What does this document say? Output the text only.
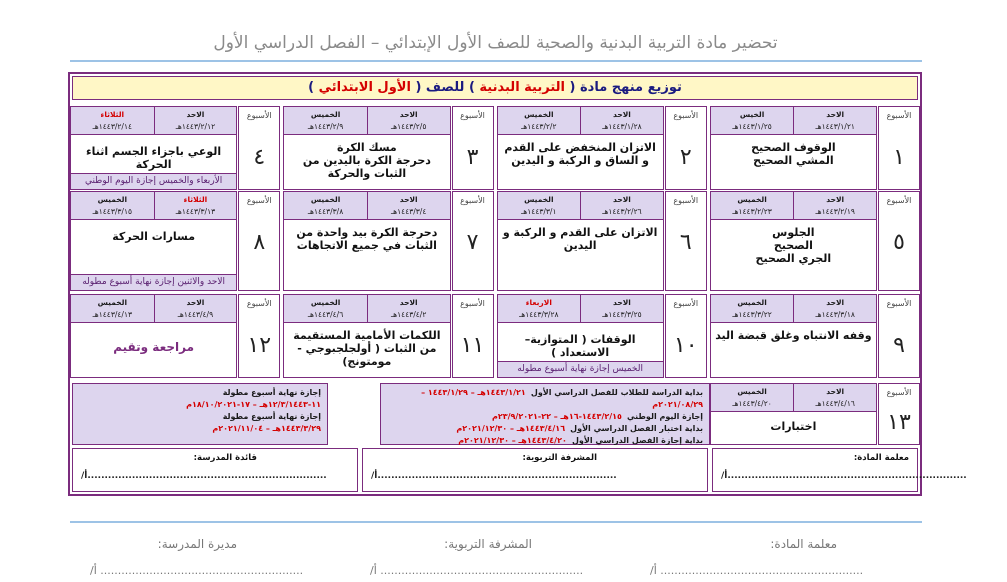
تحضير مادة التربية البدنية والصحية للصف الأول الإبتدائي – الفصل الدراسي الأول
توزيع منهج مادة ( التربية البدنية ) للصف ( الأول الابتدائي )
الأسبوع
١
الاحد
١٤٤٣/١/٢١هـ
الخيس
١٤٤٣/١/٢٥هـ
الوقوف الصحيح
المشي الصحيح
الأسبوع
٢
الاحد
١٤٤٣/١/٢٨هـ
الخميس
١٤٤٣/٢/٢هـ
الاتزان المنخفض على القدم و الساق و الركبة و اليدين
الأسبوع
٣
الاحد
١٤٤٣/٢/٥هـ
الخميس
١٤٤٣/٢/٩هـ
مسك الكرة
دحرجة الكرة باليدين من الثبات والحركة
الأسبوع
٤
الاحد
١٤٤٣/٢/١٢هـ
الثلاثاء
١٤٤٣/٢/١٤هـ
الوعي باجزاء الجسم اثناء الحركة
الأربعاء والخميس إجازة اليوم الوطني
الأسبوع
٥
الاحد
١٤٤٣/٢/١٩هـ
الخميس
١٤٤٣/٢/٢٣هـ
الجلوس
الصحيح
الجري الصحيح
الأسبوع
٦
الاحد
١٤٤٣/٢/٢٦هـ
الخميس
١٤٤٣/٣/١هـ
الاتزان على القدم و الركبة و اليدين
الأسبوع
٧
الاحد
١٤٤٣/٣/٤هـ
الخميس
١٤٤٣/٣/٨هـ
دحرجة الكرة بيد واحدة من الثبات في جميع الاتجاهات
الأسبوع
٨
الثلاثاء
١٤٤٣/٣/١٣هـ
الخميس
١٤٤٣/٣/١٥هـ
مسارات الحركة
الاحد والاثنين إجازة نهاية أسبوع مطوله
الأسبوع
٩
الاحد
١٤٤٣/٣/١٨هـ
الخميس
١٤٤٣/٣/٢٢هـ
وقفه الانتباه وغلق قبضة اليد
الأسبوع
١٠
الاحد
١٤٤٣/٣/٢٥هـ
الاربعاء
١٤٤٣/٣/٢٨هـ
الوقفات ( المتوازية– الاستعداد )
الخميس إجازة نهاية أسبوع مطوله
الأسبوع
١١
الاحد
١٤٤٣/٤/٢هـ
الخميس
١٤٤٣/٤/٦هـ
اللكمات الأمامية المستقيمة من الثبات ( أولجلجبوجي - مومتونج)
الأسبوع
١٢
الاحد
١٤٤٣/٤/٩هـ
الخميس
١٤٤٣/٤/١٣هـ
مراجعة وتقيم
الأسبوع
١٣
الاحد
١٤٤٣/٤/١٦هـ
الخميس
١٤٤٣/٤/٢٠هـ
اختبارات
بداية الدراسة للطلاب للفصل الدراسي الأول  ١٤٤٣/١/٢١هـ – ١٤٤٣/١/٢٩ – ٢٠٢١/٠٨/٢٩م
إجازة اليوم الوطني  ١٤٤٣/٢/١٥-١٦هـ – ٢٢-٢٣/٩/٢٠٢١م
بداية اختبار الفصل الدراسي الأول  ١٤٤٣/٤/١٦هـ – ٢٠٢١/١٢/٣٠م
بداية إجازة الفصل الدراسي الأول  ١٤٤٣/٤/٢٠هـ – ٢٠٢١/١٢/٣٠م
إجازة نهاية أسبوع مطولة
١١-١٢/٣/١٤٤٣هـ – ١٧-١٨/١٠/٢٠٢١م
إجازة نهاية أسبوع مطولة
١٤٤٣/٣/٢٩هـ – ٢٠٢١/١١/٠٤م
معلمة المادة:
/أ......................................................................
المشرفة التربوية:
/أ......................................................................
قائدة المدرسة:
/أ......................................................................
معلمة المادة:
المشرفة التربوية:
مديرة المدرسة:
/أ ..........................................................
/أ ..........................................................
/أ ..........................................................
